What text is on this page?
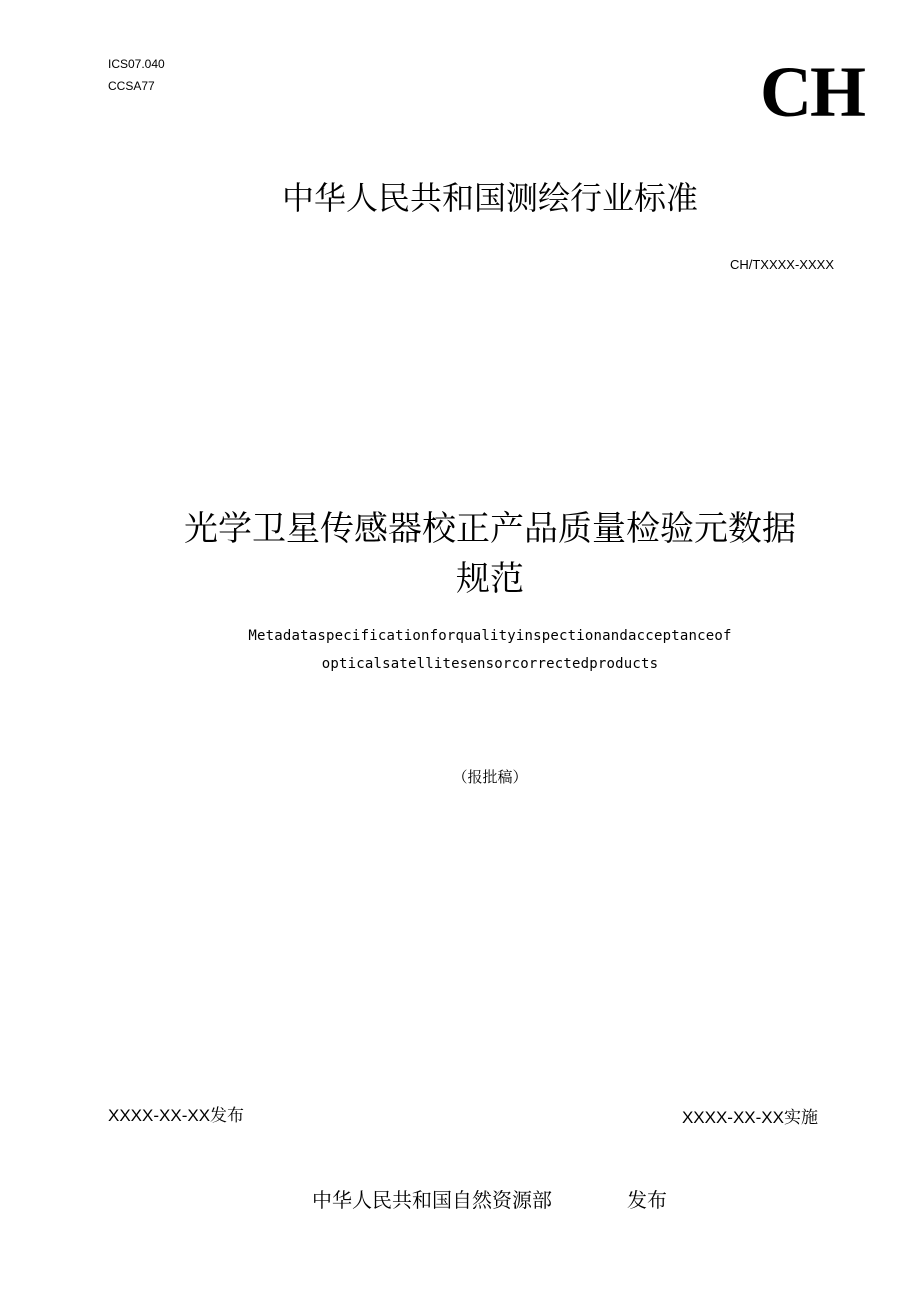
ICS07.040
CCSA77	CH
中华人民共和国测绘行业标准
CH/TXXXX-XXXX
光学卫星传感器校正产品质量检验元数据
规范
Metadataspecificationforqualityinspectionandacceptanceof
opticalsatellitesensorcorrectedproducts
（报批稿）
XXXX-XX-XX发布	XXXX-XX-XX实施
中华人民共和国自然资源部	发布
